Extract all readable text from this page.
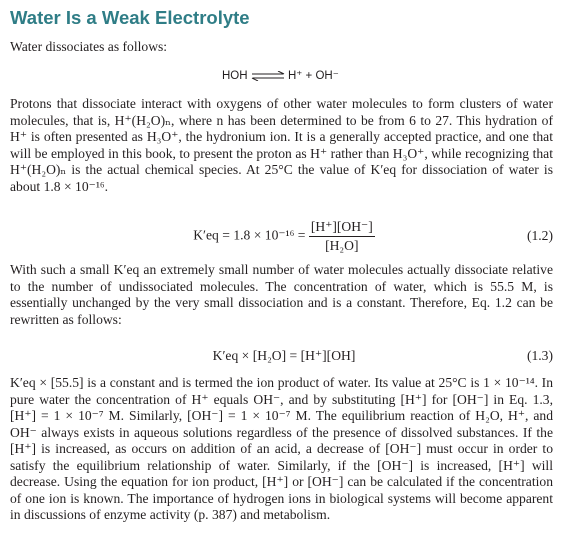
Water Is a Weak Electrolyte

Water dissociates as follows:

HOH ⇌ H⁺ + OH⁻

Protons that dissociate interact with oxygens of other water molecules to form clusters of water molecules, that is, H⁺(H₂O)ₙ, where n has been determined to be from 6 to 27. This hydration of H⁺ is often presented as H₃O⁺, the hydronium ion. It is a generally accepted practice, and one that will be employed in this book, to present the proton as H⁺ rather than H₃O⁺, while recognizing that H⁺(H₂O)ₙ is the actual chemical species. At 25°C the value of K′eq for dissociation of water is about 1.8 × 10⁻¹⁶.

$K'eq = 1.8 \times 10^{-16} = \frac{[H^+][OH^-]}{\text{[H₂O]}}$	(1.2)

With such a small K′eq an extremely small number of water molecules actually dissociate relative to the number of undissociated molecules. The concentration of water, which is 55.5 M, is essentially unchanged by the very small dissociation and is a constant. Therefore, Eq. 1.2 can be rewritten as follows:

K′eq × [H₂O] = [H⁺][OH]	(1.3)

K′eq × [55.5] is a constant and is termed the ion product of water. Its value at 25°C is 1 × 10⁻¹⁴. In pure water the concentration of H⁺ equals OH⁻, and by substituting [H⁺] for [OH⁻] in Eq. 1.3, [H⁺] = 1 × 10⁻⁷ M. Similarly, [OH⁻] = 1 × 10⁻⁷ M. The equilibrium reaction of H₂O, H⁺, and OH⁻ always exists in aqueous solutions regardless of the presence of dissolved substances. If the [H⁺] is increased, as occurs on addition of an acid, a decrease of [OH⁻] must occur in order to satisfy the equilibrium relationship of water. Similarly, if the [OH⁻] is increased, [H⁺] will decrease. Using the equation for ion product, [H⁺] or [OH⁻] can be calculated if the concentration of one ion is known. The importance of hydrogen ions in biological systems will become apparent in discussions of enzyme activity (p. 387) and metabolism.
